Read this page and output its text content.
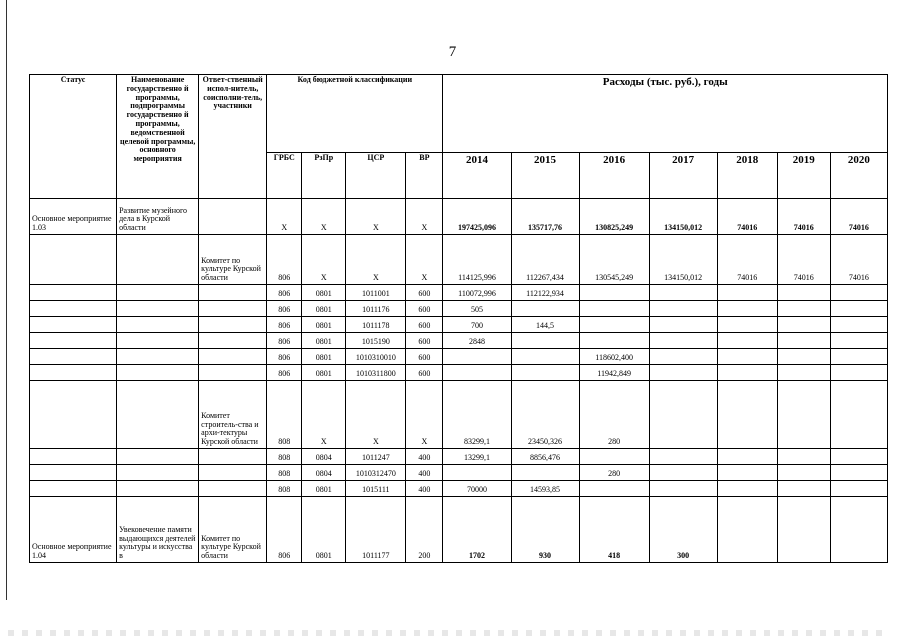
7
Статус	Наименование государственно й программы, подпрограммы государственно й программы, ведомственной целевой программы, основного мероприятия	Ответ-ственный испол-нитель, соисполни-тель, участники	Код бюджетной классификации				Расходы (тыс. руб.), годы						
			ГРБС	РзПр	ЦСР	ВР	2014	2015	2016	2017	2018	2019	2020
Основное мероприятие 1.03	Развитие музейного дела в Курской области		X	X	X	X	197425,096	135717,76	130825,249	134150,012	74016	74016	74016
		Комитет по культуре Курской области	806	X	X	X	114125,996	112267,434	130545,249	134150,012	74016	74016	74016
			806	0801	1011001	600	110072,996	112122,934					
			806	0801	1011176	600	505						
			806	0801	1011178	600	700	144,5					
			806	0801	1015190	600	2848						
			806	0801	1010310010	600			118602,400				
			806	0801	1010311800	600			11942,849				
		Комитет строитель-ства и архи-тектуры Курской области	808	X	X	X	83299,1	23450,326	280				
			808	0804	1011247	400	13299,1	8856,476					
			808	0804	1010312470	400			280				
			808	0801	1015111	400	70000	14593,85					
Основное мероприятие 1.04	Увековечение памяти выдающихся деятелей культуры и искусства в	Комитет по культуре Курской области	806	0801	1011177	200	1702	930	418	300			
